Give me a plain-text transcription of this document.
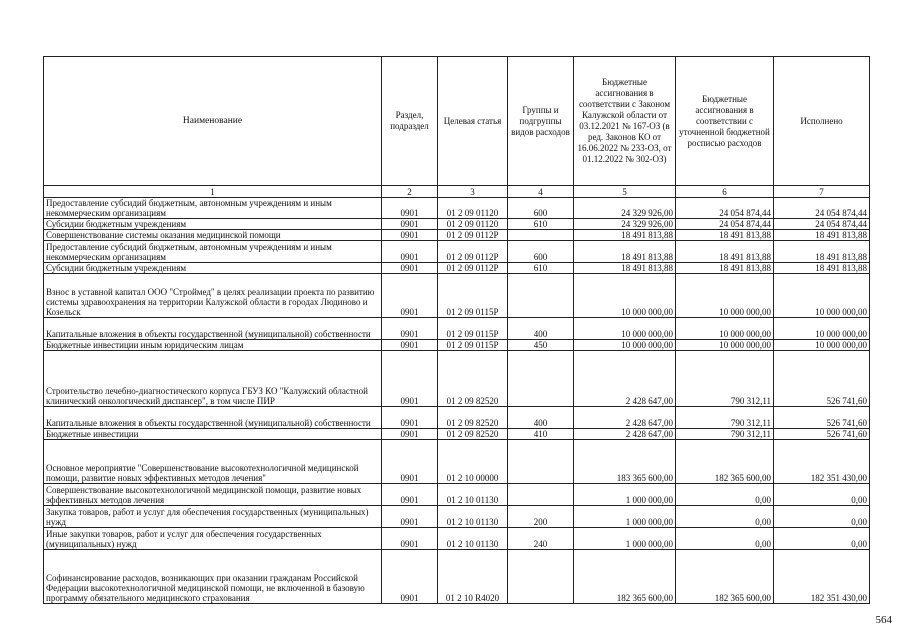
Наименование	Раздел, подраздел	Целевая статья	Группы и подгруппы видов расходов	Бюджетные ассигнования в соответствии с Законом Калужской области от 03.12.2021 № 167-ОЗ (в ред. Законов КО от 16.06.2022 № 233-ОЗ, от 01.12.2022 № 302-ОЗ)	Бюджетные ассигнования в соответствии с уточненной бюджетной росписью расходов	Исполнено
1	2	3	4	5	6	7
Предоставление субсидий бюджетным, автономным учреждениям и иным некоммерческим организациям	0901	01 2 09 01120	600	24 329 926,00	24 054 874,44	24 054 874,44
Субсидии бюджетным учреждениям	0901	01 2 09 01120	610	24 329 926,00	24 054 874,44	24 054 874,44
Совершенствование системы оказания медицинской помощи	0901	01 2 09 0112Р		18 491 813,88	18 491 813,88	18 491 813,88
Предоставление субсидий бюджетным, автономным учреждениям и иным некоммерческим организациям	0901	01 2 09 0112Р	600	18 491 813,88	18 491 813,88	18 491 813,88
Субсидии бюджетным учреждениям	0901	01 2 09 0112Р	610	18 491 813,88	18 491 813,88	18 491 813,88
Взнос в уставной капитал ООО "Строймед" в целях реализации проекта по развитию системы здравоохранения на территории Калужской области в городах Людиново и Козельск	0901	01 2 09 0115Р		10 000 000,00	10 000 000,00	10 000 000,00
Капитальные вложения в объекты государственной (муниципальной) собственности	0901	01 2 09 0115Р	400	10 000 000,00	10 000 000,00	10 000 000,00
Бюджетные инвестиции иным юридическим лицам	0901	01 2 09 0115Р	450	10 000 000,00	10 000 000,00	10 000 000,00
Строительство лечебно-диагностического корпуса ГБУЗ КО "Калужский областной клинический онкологический диспансер", в том числе ПИР	0901	01 2 09 82520		2 428 647,00	790 312,11	526 741,60
Капитальные вложения в объекты государственной (муниципальной) собственности	0901	01 2 09 82520	400	2 428 647,00	790 312,11	526 741,60
Бюджетные инвестиции	0901	01 2 09 82520	410	2 428 647,00	790 312,11	526 741,60
Основное мероприятие "Совершенствование высокотехнологичной медицинской помощи, развитие новых эффективных методов лечения"	0901	01 2 10 00000		183 365 600,00	182 365 600,00	182 351 430,00
Совершенствование высокотехнологичной медицинской помощи, развитие новых эффективных методов лечения	0901	01 2 10 01130		1 000 000,00	0,00	0,00
Закупка товаров, работ и услуг для обеспечения государственных (муниципальных) нужд	0901	01 2 10 01130	200	1 000 000,00	0,00	0,00
Иные закупки товаров, работ и услуг для обеспечения государственных (муниципальных) нужд	0901	01 2 10 01130	240	1 000 000,00	0,00	0,00
Софинансирование расходов, возникающих при оказании гражданам Российской Федерации высокотехнологичной медицинской помощи, не включенной в базовую программу обязательного медицинского страхования	0901	01 2 10 R4020		182 365 600,00	182 365 600,00	182 351 430,00
564
